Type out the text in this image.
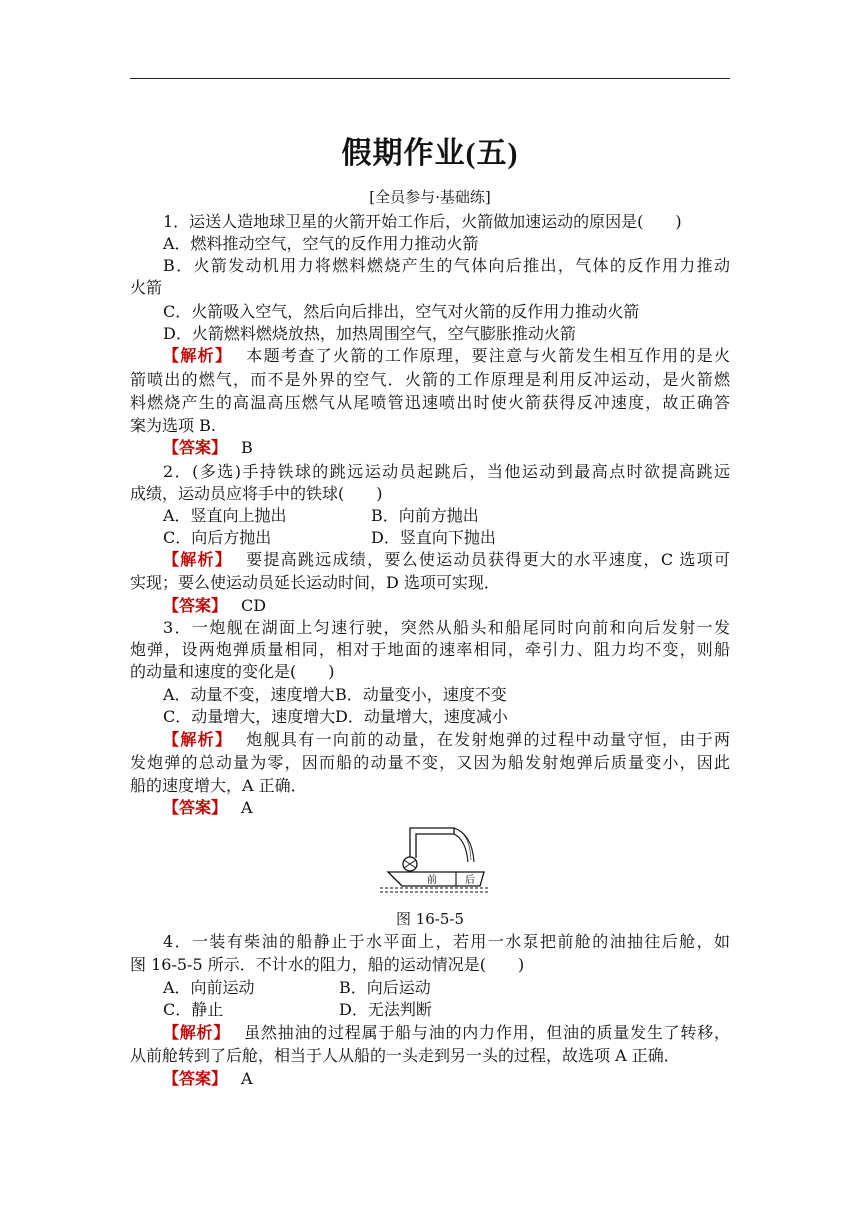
假期作业(五)
[全员参与·基础练]
1．运送人造地球卫星的火箭开始工作后，火箭做加速运动的原因是(　　)
A．燃料推动空气，空气的反作用力推动火箭
B．火箭发动机用力将燃料燃烧产生的气体向后推出，气体的反作用力推动
火箭
C．火箭吸入空气，然后向后排出，空气对火箭的反作用力推动火箭
D．火箭燃料燃烧放热，加热周围空气，空气膨胀推动火箭
【解析】 本题考查了火箭的工作原理，要注意与火箭发生相互作用的是火
箭喷出的燃气，而不是外界的空气．火箭的工作原理是利用反冲运动，是火箭燃
料燃烧产生的高温高压燃气从尾喷管迅速喷出时使火箭获得反冲速度，故正确答
案为选项 B.
【答案】 B
2．(多选)手持铁球的跳远运动员起跳后，当他运动到最高点时欲提高跳远
成绩，运动员应将手中的铁球(　　)
A．竖直向上抛出	B．向前方抛出
C．向后方抛出	D．竖直向下抛出
【解析】 要提高跳远成绩，要么使运动员获得更大的水平速度，C 选项可
实现；要么使运动员延长运动时间，D 选项可实现．
【答案】 CD
3．一炮舰在湖面上匀速行驶，突然从船头和船尾同时向前和向后发射一发
炮弹，设两炮弹质量相同，相对于地面的速率相同，牵引力、阻力均不变，则船
的动量和速度的变化是(　　)
A．动量不变，速度增大B．动量变小，速度不变
C．动量增大，速度增大D．动量增大，速度减小
【解析】 炮舰具有一向前的动量，在发射炮弹的过程中动量守恒，由于两
发炮弹的总动量为零，因而船的动量不变，又因为船发射炮弹后质量变小，因此
船的速度增大，A 正确．
【答案】 A
前	后
图 16-5-5
4．一装有柴油的船静止于水平面上，若用一水泵把前舱的油抽往后舱，如
图 16-5-5 所示．不计水的阻力，船的运动情况是(　　)
A．向前运动	B．向后运动
C．静止	D．无法判断
【解析】 虽然抽油的过程属于船与油的内力作用，但油的质量发生了转移，
从前舱转到了后舱，相当于人从船的一头走到另一头的过程，故选项 A 正确．
【答案】 A
